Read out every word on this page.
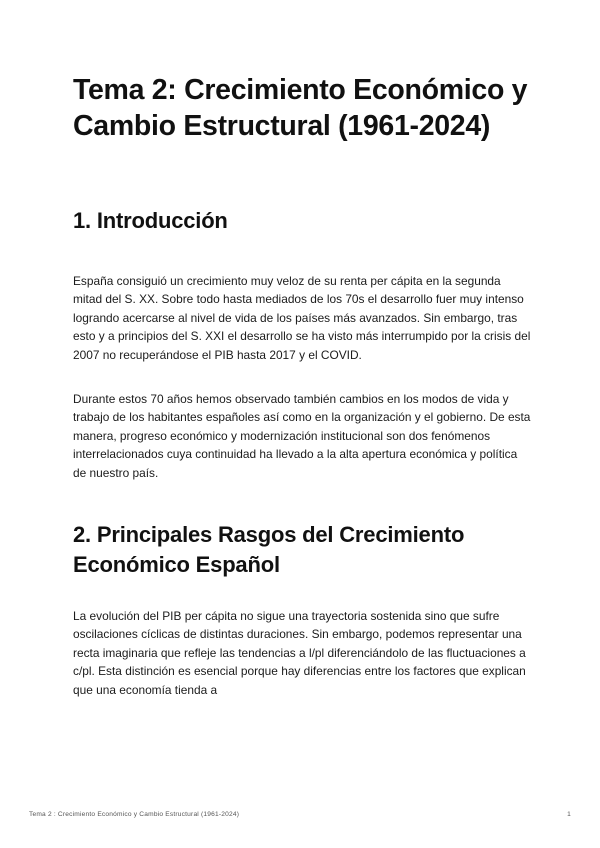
Tema 2: Crecimiento Económico y Cambio Estructural (1961-2024)
1. Introducción

España consiguió un crecimiento muy veloz de su renta per cápita en la segunda mitad del S. XX. Sobre todo hasta mediados de los 70s el desarrollo fuer muy intenso logrando acercarse al nivel de vida de los países más avanzados. Sin embargo, tras esto y a principios del S. XXI el desarrollo se ha visto más interrumpido por la crisis del 2007 no recuperándose el PIB hasta 2017 y el COVID.

Durante estos 70 años hemos observado también cambios en los modos de vida y trabajo de los habitantes españoles así como en la organización y el gobierno. De esta manera, progreso económico y modernización institucional son dos fenómenos interrelacionados cuya continuidad ha llevado a la alta apertura económica y política de nuestro país.

2. Principales Rasgos del Crecimiento Económico Español

La evolución del PIB per cápita no sigue una trayectoria sostenida sino que sufre oscilaciones cíclicas de distintas duraciones. Sin embargo, podemos representar una recta imaginaria que refleje las tendencias a l/pl diferenciándolo de las fluctuaciones a c/pl. Esta distinción es esencial porque hay diferencias entre los factores que explican que una economía tienda a

Tema 2 : Crecimiento Económico y Cambio Estructural (1961-2024)	1
